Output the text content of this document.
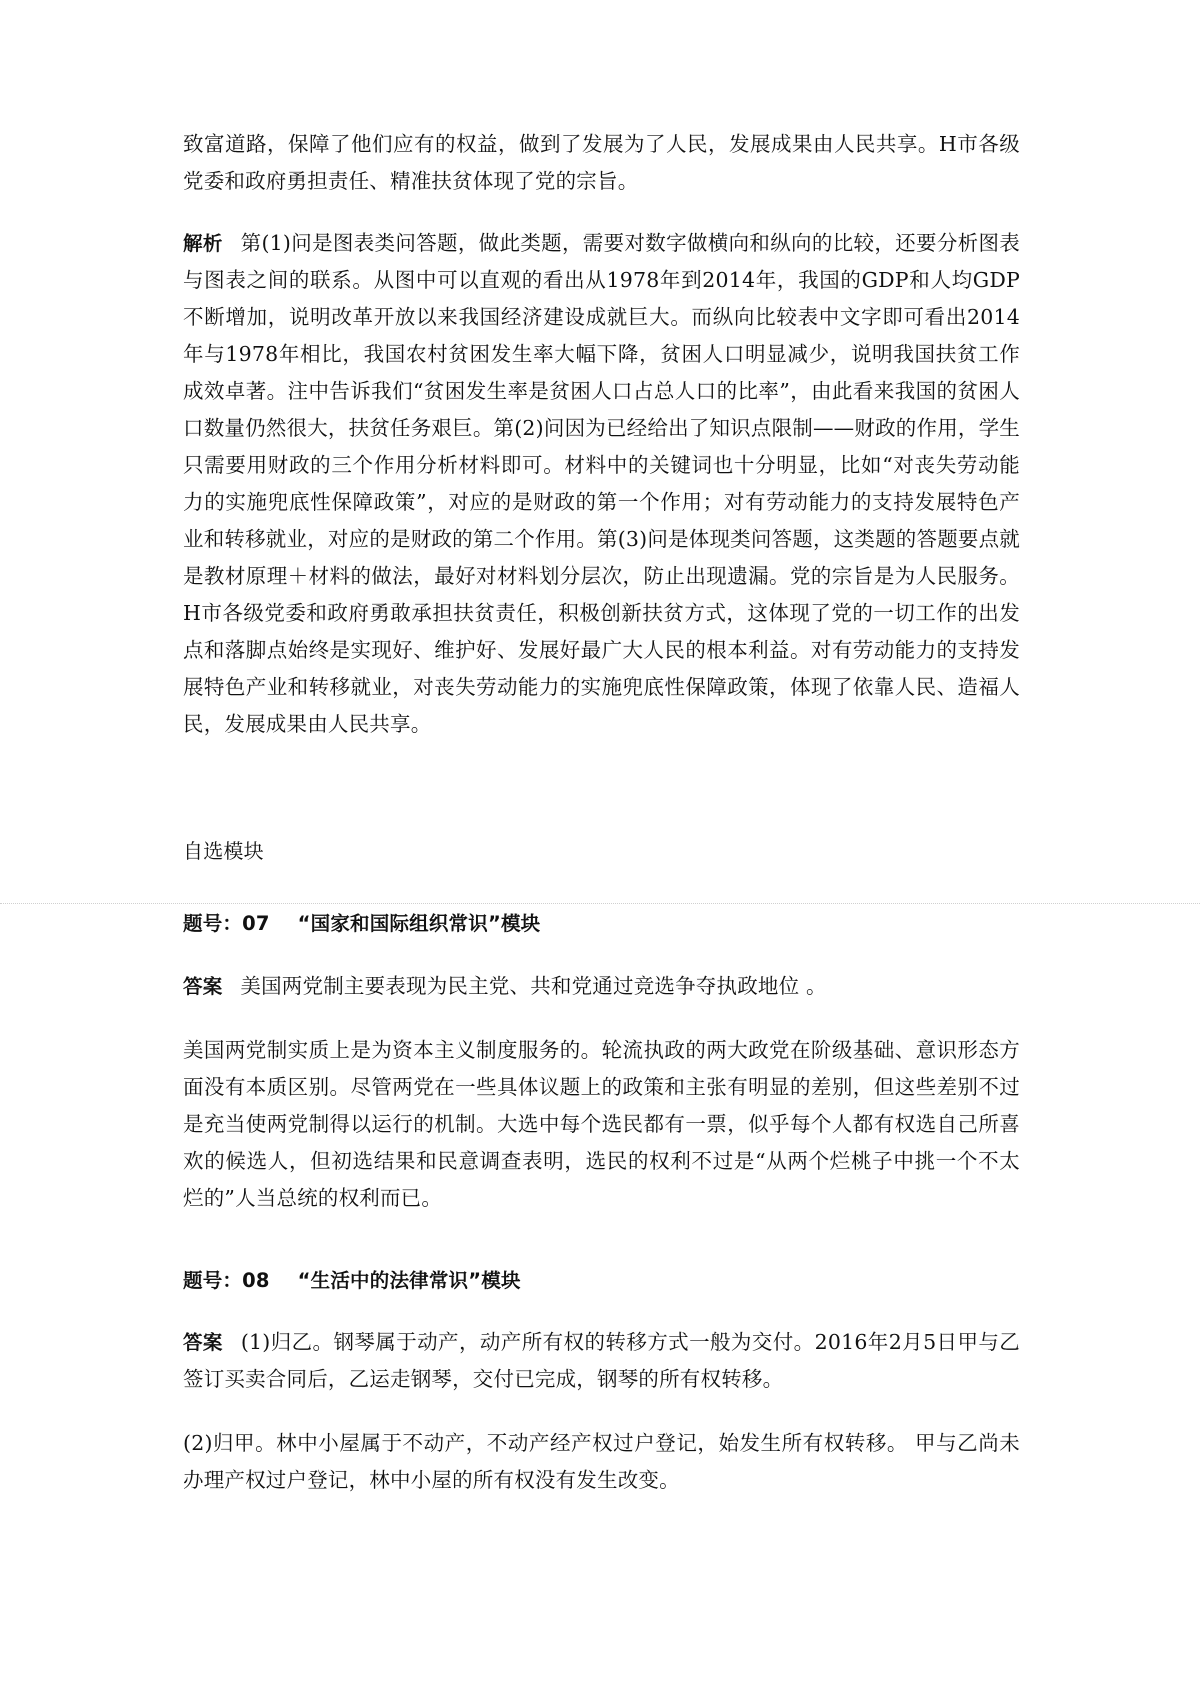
致富道路，保障了他们应有的权益，做到了发展为了人民，发展成果由人民共享。H市各级党委和政府勇担责任、精准扶贫体现了党的宗旨。
解析 第(1)问是图表类问答题，做此类题，需要对数字做横向和纵向的比较，还要分析图表与图表之间的联系。从图中可以直观的看出从1978年到2014年，我国的GDP和人均GDP不断增加，说明改革开放以来我国经济建设成就巨大。而纵向比较表中文字即可看出2014年与1978年相比，我国农村贫困发生率大幅下降，贫困人口明显减少，说明我国扶贫工作成效卓著。注中告诉我们“贫困发生率是贫困人口占总人口的比率”，由此看来我国的贫困人口数量仍然很大，扶贫任务艰巨。第(2)问因为已经给出了知识点限制——财政的作用，学生只需要用财政的三个作用分析材料即可。材料中的关键词也十分明显，比如“对丧失劳动能力的实施兜底性保障政策”，对应的是财政的第一个作用；对有劳动能力的支持发展特色产业和转移就业，对应的是财政的第二个作用。第(3)问是体现类问答题，这类题的答题要点就是教材原理＋材料的做法，最好对材料划分层次，防止出现遗漏。党的宗旨是为人民服务。H市各级党委和政府勇敢承担扶贫责任，积极创新扶贫方式，这体现了党的一切工作的出发点和落脚点始终是实现好、维护好、发展好最广大人民的根本利益。对有劳动能力的支持发展特色产业和转移就业，对丧失劳动能力的实施兜底性保障政策，体现了依靠人民、造福人民，发展成果由人民共享。
自选模块
题号：07 “国家和国际组织常识”模块
答案 美国两党制主要表现为民主党、共和党通过竞选争夺执政地位 。
美国两党制实质上是为资本主义制度服务的。轮流执政的两大政党在阶级基础、意识形态方面没有本质区别。尽管两党在一些具体议题上的政策和主张有明显的差别，但这些差别不过是充当使两党制得以运行的机制。大选中每个选民都有一票，似乎每个人都有权选自己所喜欢的候选人，但初选结果和民意调查表明，选民的权利不过是“从两个烂桃子中挑一个不太烂的”人当总统的权利而已。
题号：08 “生活中的法律常识”模块
答案 (1)归乙。钢琴属于动产，动产所有权的转移方式一般为交付。2016年2月5日甲与乙签订买卖合同后，乙运走钢琴，交付已完成，钢琴的所有权转移。
(2)归甲。林中小屋属于不动产，不动产经产权过户登记，始发生所有权转移。 甲与乙尚未办理产权过户登记，林中小屋的所有权没有发生改变。
